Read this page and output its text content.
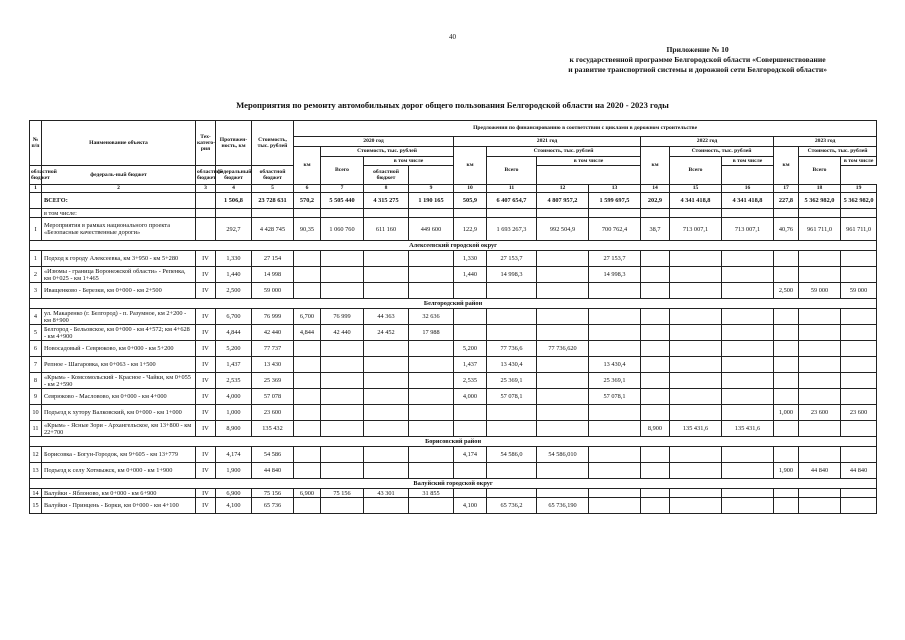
40
Приложение № 10
к государственной программе Белгородской области «Совершенствование
и развитие транспортной системы и дорожной сети Белгородской области»
Мероприятия по ремонту автомобильных дорог общего пользования Белгородской области на 2020 - 2023 годы
№ п/п	Наименование объекта	Тех-катего-рия	Протяжен-ность, км	Стоимость, тыс. рублей	Предложения по финансированию в соответствии с циклами в дорожном строительстве													
					2020 год				2021 год				2022 год			2023 год		
					км	Стоимость, тыс. рублей			км	Стоимость, тыс. рублей			км	Стоимость, тыс. рублей		км	Стоимость, тыс. рублей	
						Всего	в том числе			Всего	в том числе			Всего	в том числе		Всего	в том числе
областной бюджет	федераль-ный бюджет	областной бюджет	федеральный бюджет	областной бюджет			областной бюджет											
1	2	3	4	5	6	7	8	9	10	11	12	13	14	15	16	17	18	19
	ВСЕГО:		1 506,8	23 728 631	570,2	5 505 440	4 315 275	1 190 165	505,9	6 407 654,7	4 807 957,2	1 599 697,5	202,9	4 341 418,8	4 341 418,8	227,8	5 362 982,0	5 362 982,0
	в том числе:																	
I	Мероприятия в рамках национального проекта «Безопасные качественные дороги»		292,7	4 428 745	90,35	1 060 760	611 160	449 600	122,9	1 693 267,3	992 504,9	700 762,4	38,7	713 007,1	713 007,1	40,76	961 711,0	961 711,0
Алексеевский городской округ																		
1	Подход к городу Алексеевка, км 3+950 - км 5+280	IV	1,330	27 154					1,330	27 153,7		27 153,7						
2	«Изюмы - граница Воронежской области» - Репенка, км 0+025 - км 1+465	IV	1,440	14 998					1,440	14 998,3		14 998,3						
3	Иващенково - Березки, км 0+000 - км 2+500	IV	2,500	59 000												2,500	59 000	59 000
Белгородский район																		
4	ул. Макаренко (г. Белгород) - п. Разумное, км 2+200 - км 8+900	IV	6,700	76 999	6,700	76 999	44 363	32 636										
5	Белгород - Бельовское, км 0+000 - км 4+572; км 4+628 - км 4+900	IV	4,844	42 440	4,844	42 440	24 452	17 988										
6	Новосадовый - Севрюково, км 0+000 - км 5+200	IV	5,200	77 737					5,200	77 736,6	77 736,620							
7	Репное - Шагаровка, км 0+063 - км 1+500	IV	1,437	13 430					1,437	13 430,4		13 430,4						
8	«Крым» - Комсомольский - Красное - Чайки, км 0+055 - км 2+590	IV	2,535	25 369					2,535	25 369,1		25 369,1						
9	Севрюково - Масловово, км 0+000 - км 4+000	IV	4,000	57 078					4,000	57 078,1		57 078,1						
10	Подъезд к хутору Валковский, км 0+000 - км 1+000	IV	1,000	23 600												1,000	23 600	23 600
11	«Крым» - Ясные Зори - Архангельское, км 13+800 - км 22+700	IV	8,900	135 432									8,900	135 431,6	135 431,6			
Борисовский район																		
12	Борисовка - Богун-Городок, км 9+605 - км 13+779	IV	4,174	54 586					4,174	54 586,0	54 586,010							
13	Подъезд к селу Хотмыжск, км 0+000 - км 1+900	IV	1,900	44 840												1,900	44 840	44 840
Валуйский городской округ																		
14	Валуйки - Яблоново, км 0+000 - км 6+900	IV	6,900	75 156	6,900	75 156	43 301	31 855										
15	Валуйки - Принцень - Борки, км 0+000 - км 4+100	IV	4,100	65 736					4,100	65 736,2	65 736,190							
